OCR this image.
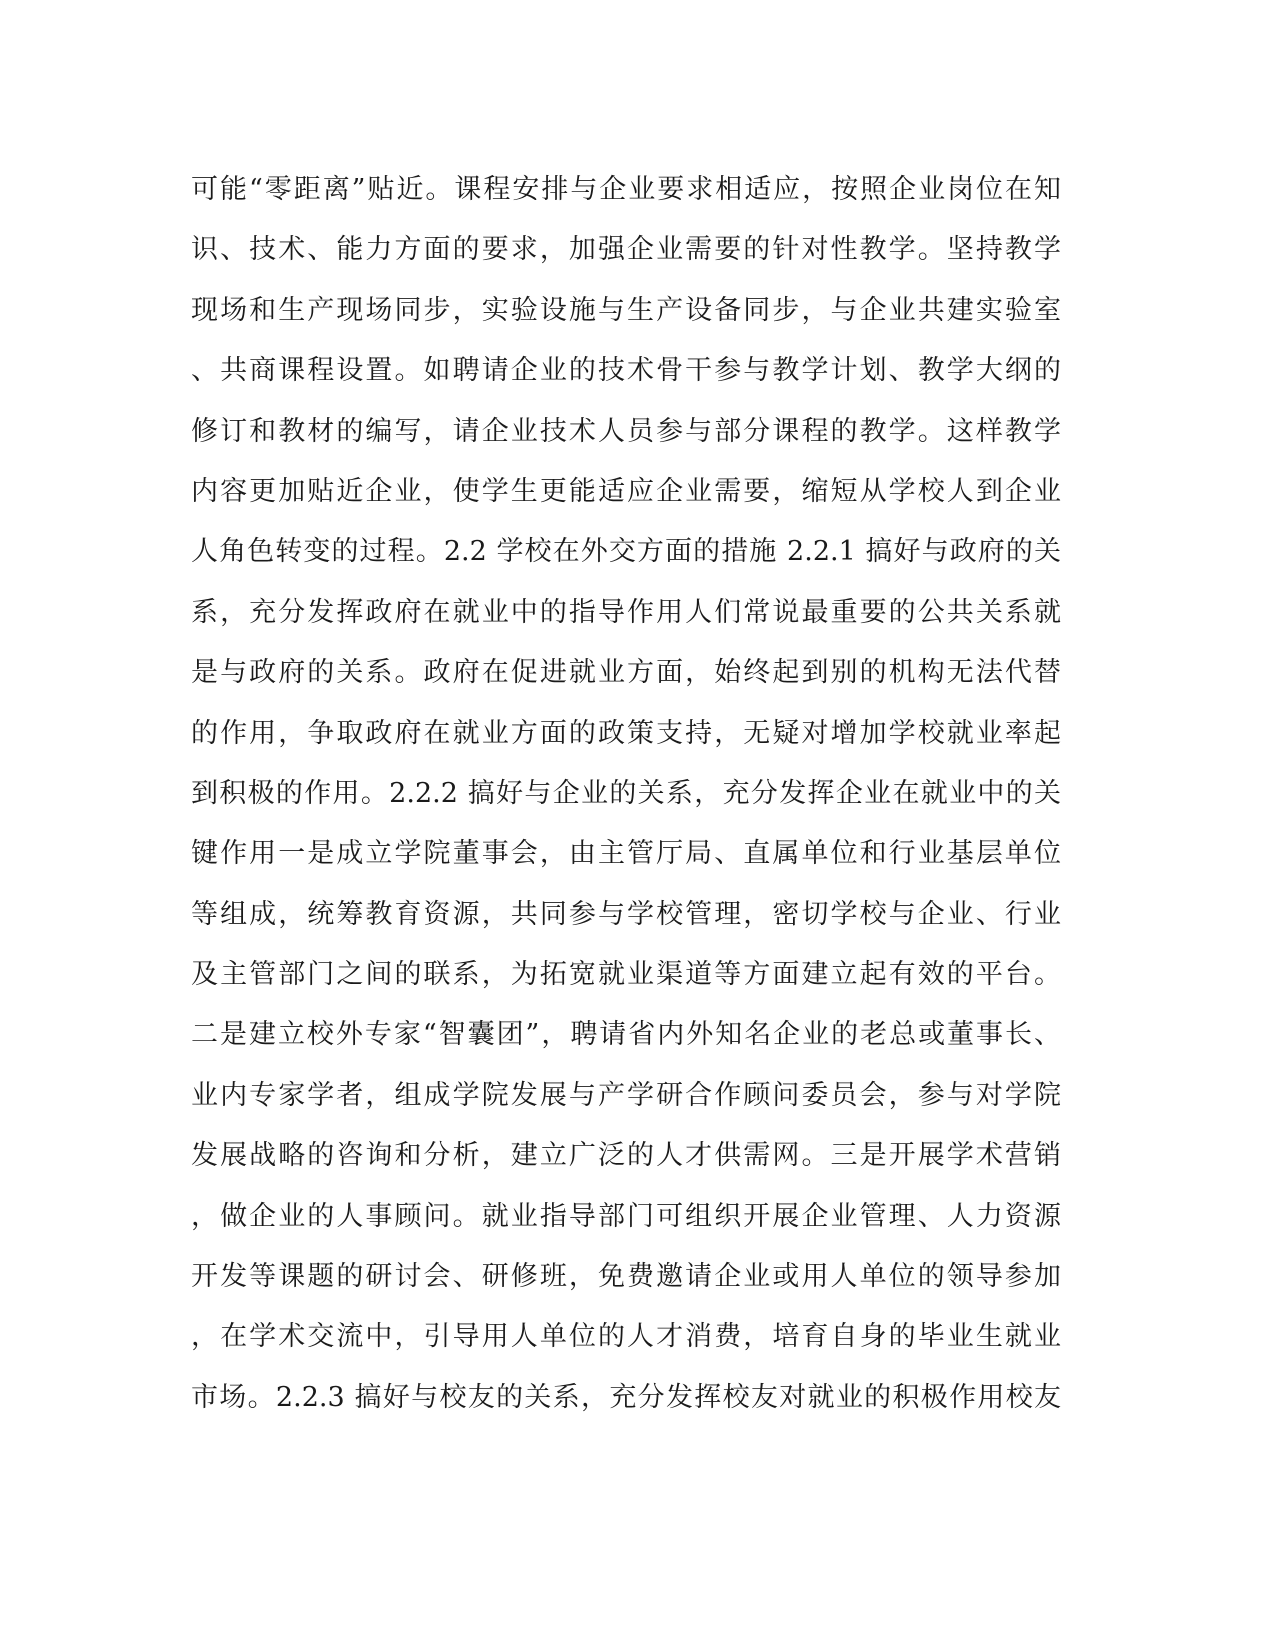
可能“零距离”贴近。课程安排与企业要求相适应，按照企业岗位在知
识、技术、能力方面的要求，加强企业需要的针对性教学。坚持教学
现场和生产现场同步，实验设施与生产设备同步，与企业共建实验室
、共商课程设置。如聘请企业的技术骨干参与教学计划、教学大纲的
修订和教材的编写，请企业技术人员参与部分课程的教学。这样教学
内容更加贴近企业，使学生更能适应企业需要，缩短从学校人到企业
人角色转变的过程。2.2 学校在外交方面的措施 2.2.1 搞好与政府的关
系，充分发挥政府在就业中的指导作用人们常说最重要的公共关系就
是与政府的关系。政府在促进就业方面，始终起到别的机构无法代替
的作用，争取政府在就业方面的政策支持，无疑对增加学校就业率起
到积极的作用。2.2.2 搞好与企业的关系，充分发挥企业在就业中的关
键作用一是成立学院董事会，由主管厅局、直属单位和行业基层单位
等组成，统筹教育资源，共同参与学校管理，密切学校与企业、行业
及主管部门之间的联系，为拓宽就业渠道等方面建立起有效的平台。
二是建立校外专家“智囊团”，聘请省内外知名企业的老总或董事长、
业内专家学者，组成学院发展与产学研合作顾问委员会，参与对学院
发展战略的咨询和分析，建立广泛的人才供需网。三是开展学术营销
，做企业的人事顾问。就业指导部门可组织开展企业管理、人力资源
开发等课题的研讨会、研修班，免费邀请企业或用人单位的领导参加
，在学术交流中，引导用人单位的人才消费，培育自身的毕业生就业
市场。2.2.3 搞好与校友的关系，充分发挥校友对就业的积极作用校友
